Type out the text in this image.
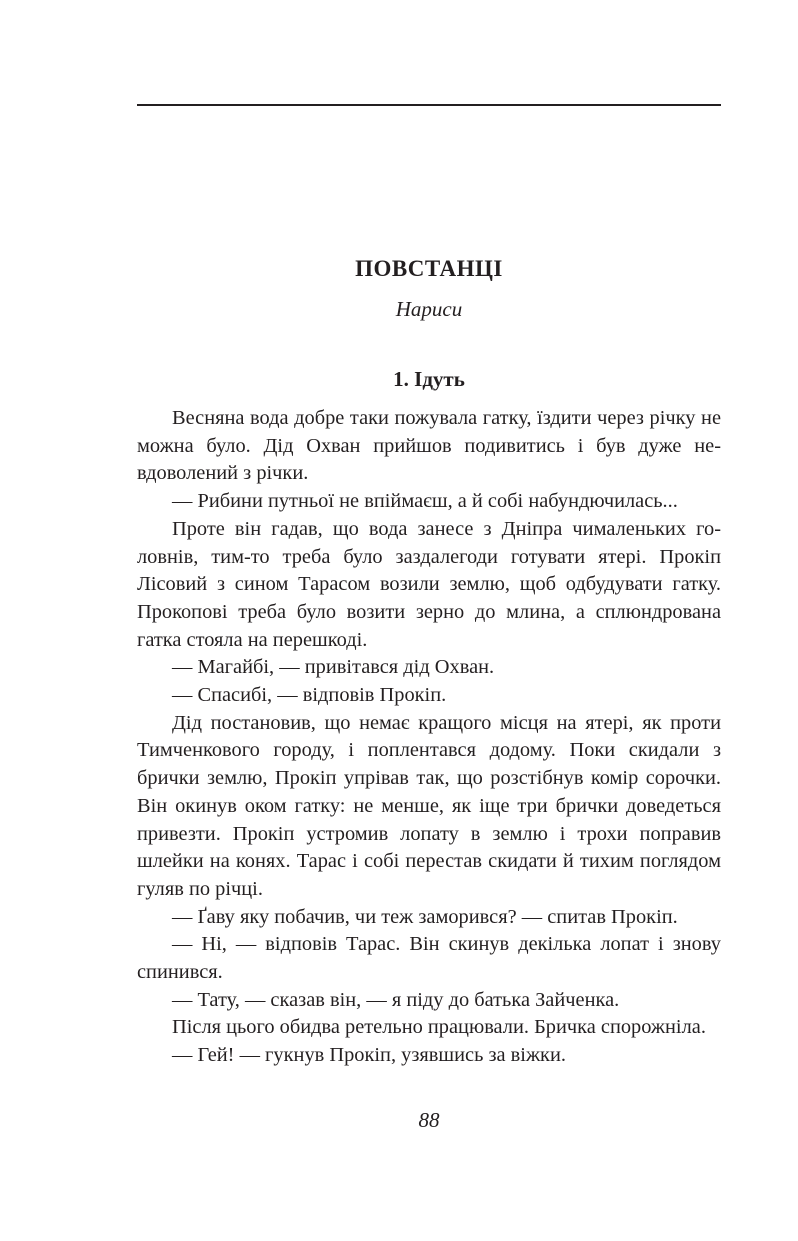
ПОВСТАНЦІ
Нариси
1. Ідуть

Весняна вода добре таки пожувала гатку, їздити через річку не можна було. Дід Охван прийшов подивитись і був дуже невдоволений з річки.

— Рибини путньої не впіймаєш, а й собі набундючилась...

Проте він гадав, що вода занесе з Дніпра чималеньких головнів, тим-то треба було заздалегоди готувати ятері. Прокіп Лісовий з сином Тарасом возили землю, щоб одбудувати гатку. Прокопові треба було возити зерно до млина, а сплюндрована гатка стояла на перешкоді.

— Магайбі, — привітався дід Охван.

— Спасибі, — відповів Прокіп.

Дід постановив, що немає кращого місця на ятері, як проти Тимченкового городу, і поплентався додому. Поки скидали з брички землю, Прокіп упрівав так, що розстібнув комір сорочки. Він окинув оком гатку: не менше, як іще три брички доведеться привезти. Прокіп устромив лопату в землю і трохи поправив шлейки на конях. Тарас і собі перестав скидати й тихим поглядом гуляв по річці.

— Ґаву яку побачив, чи теж заморився? — спитав Прокіп.

— Ні, — відповів Тарас. Він скинув декілька лопат і знову спинився.

— Тату, — сказав він, — я піду до батька Зайченка.

Після цього обидва ретельно працювали. Бричка спорожніла.

— Гей! — гукнув Прокіп, узявшись за віжки.

88
